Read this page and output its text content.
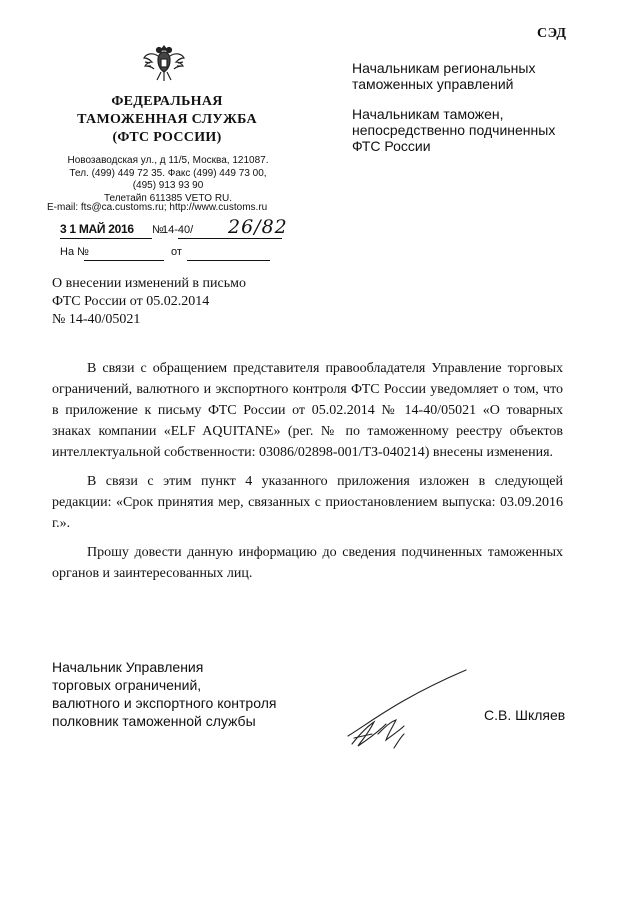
СЭД
ФЕДЕРАЛЬНАЯ
ТАМОЖЕННАЯ СЛУЖБА
(ФТС РОССИИ)
Новозаводская ул., д 11/5, Москва, 121087.
Тел. (499) 449 72 35. Факс (499) 449 73 00,
(495) 913 93 90
Телетайп 611385 VETO RU.
E-mail: fts@ca.customs.ru; http://www.customs.ru
3 1 МАЙ 2016 №
14-40/ 26/82
На №	от

Начальникам региональных таможенных управлений

Начальникам таможен, непосредственно подчиненных ФТС России

О внесении изменений в письмо
ФТС России от 05.02.2014
№ 14-40/05021

В связи с обращением представителя правообладателя Управление торговых ограничений, валютного и экспортного контроля ФТС России уведомляет о том, что в приложение к письму ФТС России от 05.02.2014 № 14-40/05021 «О товарных знаках компании «ELF AQUITANE» (рег. № по таможенному реестру объектов интеллектуальной собственности: 03086/02898-001/ТЗ-040214) внесены изменения.

В связи с этим пункт 4 указанного приложения изложен в следующей редакции: «Срок принятия мер, связанных с приостановлением выпуска: 03.09.2016 г.».

Прошу довести данную информацию до сведения подчиненных таможенных органов и заинтересованных лиц.

Начальник Управления
торговых ограничений,
валютного и экспортного контроля
полковник таможенной службы	С.В. Шкляев
